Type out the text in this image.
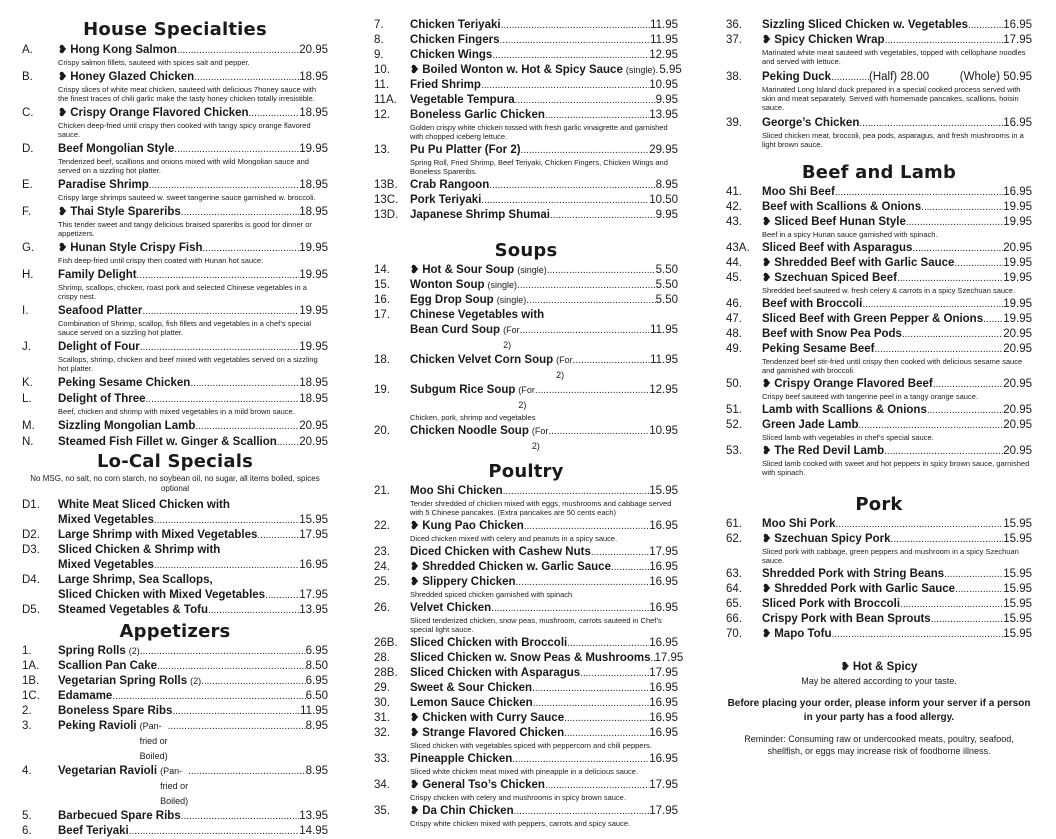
House Specialties
A.	❥ Hong Kong Salmon .....	20.95
Crispy salmon fillets, sauteed with spices salt and pepper.
B.	❥ Honey Glazed Chicken .....	18.95
Crispy slices of white meat chicken, sauteed with delicious 7honey sauce with the finest traces of chili garlic make the tasty honey chicken totally irresistible.
C.	❥ Crispy Orange Flavored Chicken .....	18.95
Chicken deep-fried until crispy then cooked with tangy spicy orange flavored sauce.
D.	Beef Mongolian Style .....	19.95
Tenderized beef, scallions and onions mixed with wild Mongolian sauce and served on a sizzling hot platter.
E.	Paradise Shrimp .....	18.95
Crispy large shrimps sauteed w. sweet tangerine sauce garnished w. broccoli.
F.	❥ Thai Style Spareribs .....	18.95
This tender sweet and tangy delicious braised spareribs is good for dinner or appetizers.
G.	❥ Hunan Style Crispy Fish .....	19.95
Fish deep-fried until crispy then coated with Hunan hot sauce.
H.	Family Delight .....	19.95
Shrimp, scallops, chicken, roast pork and selected Chinese vegetables in a crispy nest.
I.	Seafood Platter .....	19.95
Combination of Shrimp, scallop, fish fillets and vegetables in a chef’s special sauce served on a sizzling hot platter.
J.	Delight of Four .....	19.95
Scallops, shrimp, chicken and beef mixed with vegetables served on a sizzling hot platter.
K.	Peking Sesame Chicken .....	18.95
L.	Delight of Three .....	18.95
Beef, chicken and shrimp with mixed vegetables in a mild brown sauce.
M.	Sizzling Mongolian Lamb .....	20.95
N.	Steamed Fish Fillet w. Ginger & Scallion ..... 20.95
Lo-Cal Specials
No MSG, no salt, no corn starch, no soybean oil, no sugar, all items boiled, spices optional
D1.	White Meat Sliced Chicken with
Mixed Vegetables .....	15.95
D2.	Large Shrimp with Mixed Vegetables .....	17.95
D3.	Sliced Chicken & Shrimp with
Mixed Vegetables .....	16.95
D4.	Large Shrimp, Sea Scallops,
Sliced Chicken with Mixed Vegetables .....	17.95
D5.	Steamed Vegetables & Tofu .....	13.95
Appetizers
1.	Spring Rolls (2) .....	6.95
1A.	Scallion Pan Cake .....	8.50
1B.	Vegetarian Spring Rolls (2) .....	6.95
1C.	Edamame .....	6.50
2.	Boneless Spare Ribs .....	11.95
3.	Peking Ravioli (Pan-fried or Boiled)
.....
8.95
4.	Vegetarian Ravioli (Pan-fried or Boiled)
.....
8.95
5.	Barbecued Spare Ribs .....	13.95
6.	Beef Teriyaki .....	14.95
7.	Chicken Teriyaki .....	11.95
8.	Chicken Fingers .....	11.95
9.	Chicken Wings .....	12.95
10.	❥ Boiled Wonton w. Hot & Spicy Sauce (single) ..... 5.95
11.	Fried Shrimp .....	10.95
11A.	Vegetable Tempura .....	9.95
12.	Boneless Garlic Chicken .....	13.95
Golden crispy white chicken tossed with fresh garlic vinaigrette and garnished with chopped iceberg lettuce.
13.	Pu Pu Platter (For 2) .....	29.95
Spring Roll, Fried Shrimp, Beef Teriyaki, Chicken Fingers, Chicken Wings and Boneless Spareribs.
13B.	Crab Rangoon .....	8.95
13C.	Pork Teriyaki .....	10.50
13D.	Japanese Shrimp Shumai .....	9.95
Soups
14.	❥ Hot & Sour Soup (single) .....	5.50
15.	Wonton Soup (single) .....	5.50
16.	Egg Drop Soup (single) .....	5.50
17.	Chinese Vegetables with
Bean Curd Soup (For 2)
.....
11.95
18.	Chicken Velvet Corn Soup (For 2)
.....
11.95
19.	Subgum Rice Soup (For 2)
.....
12.95
Chicken, pork, shrimp and vegetables
20.	Chicken Noodle Soup (For 2)
.....
10.95
Poultry
21.	Moo Shi Chicken .....	15.95
Tender shredded of chicken mixed with eggs, mushrooms and cabbage served with 5 Chinese pancakes. (Extra pancakes are 50 cents each)
22.	❥ Kung Pao Chicken .....	16.95
Diced chicken mixed with celery and peanuts in a spicy sauce.
23.	Diced Chicken with Cashew Nuts .....	17.95
24.	❥ Shredded Chicken w. Garlic Sauce .....	16.95
25.	❥ Slippery Chicken .....	16.95
Shredded spiced chicken garnished with spinach
26.	Velvet Chicken .....	16.95
Sliced tenderized chicken, snow peas, mushroom, carrots sauteed in Chef’s special light sauce.
26B.	Sliced Chicken with Broccoli .....	16.95
28.	Sliced Chicken w. Snow Peas & Mushrooms ..... 17.95
28B.	Sliced Chicken with Asparagus .....	17.95
29.	Sweet & Sour Chicken .....	16.95
30.	Lemon Sauce Chicken .....	16.95
31.	❥ Chicken with Curry Sauce .....	16.95
32.	❥ Strange Flavored Chicken .....	16.95
Sliced chicken with vegetables spiced with peppercorn and chili peppers.
33.	Pineapple Chicken .....	16.95
Sliced white chicken meat mixed with pineapple in a delicious sauce.
34.	❥ General Tso’s Chicken .....	17.95
Crispy chicken with celery and mushrooms in spicy brown sauce.
35.	❥ Da Chin Chicken .....	17.95
Crispy white chicken mixed with peppers, carrots and spicy sauce.
36.	Sizzling Sliced Chicken w. Vegetables .....	16.95
37.	❥ Spicy Chicken Wrap .....	17.95
Marinated white meat sauteed with vegetables, topped with cellophane noodles and served with lettuce.
38.	Peking Duck .....	(Half) 28.00	(Whole) 50.95
Marinated Long Island duck prepared in a special cooked process served with skin and meat separately. Served with homemade pancakes, scallions, hoisin sauce.
39.	George’s Chicken .....	16.95
Sliced chicken meat, broccoli, pea pods, asparagus, and fresh mushrooms in a light brown sauce.
Beef and Lamb
41.	Moo Shi Beef .....	16.95
42.	Beef with Scallions & Onions .....	19.95
43.	❥ Sliced Beef Hunan Style .....	19.95
Beef in a spicy Hunan sauce garnished with spinach.
43A.	Sliced Beef with Asparagus .....	20.95
44.	❥ Shredded Beef with Garlic Sauce .....	19.95
45.	❥ Szechuan Spiced Beef .....	19.95
Shredded beef sauteed w. fresh celery & carrots in a spicy Szechuan sauce.
46.	Beef with Broccoli .....	19.95
47.	Sliced Beef with Green Pepper & Onions ..... 19.95
48.	Beef with Snow Pea Pods .....	20.95
49.	Peking Sesame Beef .....	20.95
Tenderized beef stir-fried until crispy then cooked with delicious sesame sauce and garnished with broccoli.
50.	❥ Crispy Orange Flavored Beef .....	20.95
Crispy beef sauteed with tangerine peel in a tangy orange sauce.
51.	Lamb with Scallions & Onions .....	20.95
52.	Green Jade Lamb .....	20.95
Sliced lamb with vegetables in chef’s special sauce.
53.	❥ The Red Devil Lamb .....	20.95
Sliced lamb cooked with sweet and hot peppers in spicy brown sauce, garnished with spinach.
Pork
61.	Moo Shi Pork .....	15.95
62.	❥ Szechuan Spicy Pork .....	15.95
Sliced pork with cabbage, green peppers and mushroom in a spicy Szechuan sauce.
63.	Shredded Pork with String Beans .....	15.95
64.	❥ Shredded Pork with Garlic Sauce .....	15.95
65.	Sliced Pork with Broccoli .....	15.95
66.	Crispy Pork with Bean Sprouts .....	15.95
70.	❥ Mapo Tofu .....	15.95
❥ Hot & Spicy
May be altered according to your taste.
Before placing your order, please inform your server if a person in your party has a food allergy.
Reminder: Consuming raw or undercooked meats, poultry, seafood, shellfish, or eggs may increase risk of foodborne illness.
